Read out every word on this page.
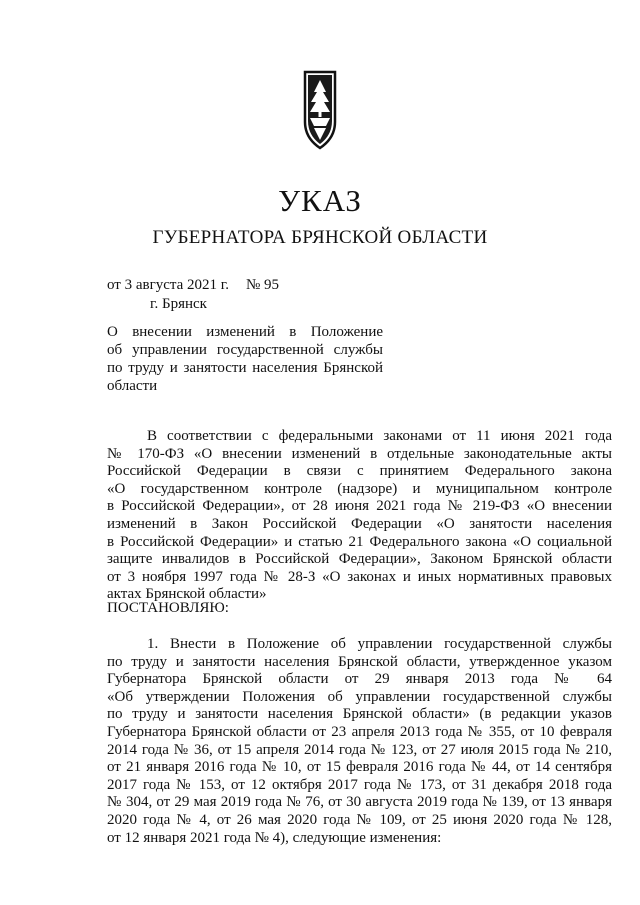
УКАЗ
ГУБЕРНАТОРА БРЯНСКОЙ ОБЛАСТИ
от 3 августа 2021 г. № 95
г. Брянск
О внесении изменений в Положение
об управлении государственной службы
по труду и занятости населения Брянской
области
В соответствии с федеральными законами от 11 июня 2021 года
№ 170-ФЗ «О внесении изменений в отдельные законодательные акты
Российской Федерации в связи с принятием Федерального закона
«О государственном контроле (надзоре) и муниципальном контроле
в Российской Федерации», от 28 июня 2021 года № 219-ФЗ «О внесении
изменений в Закон Российской Федерации «О занятости населения
в Российской Федерации» и статью 21 Федерального закона «О социальной
защите инвалидов в Российской Федерации», Законом Брянской области
от 3 ноября 1997 года № 28-З «О законах и иных нормативных правовых
актах Брянской области»
ПОСТАНОВЛЯЮ:
1. Внести в Положение об управлении государственной службы
по труду и занятости населения Брянской области, утвержденное указом
Губернатора Брянской области от 29 января 2013 года № 64
«Об утверждении Положения об управлении государственной службы
по труду и занятости населения Брянской области» (в редакции указов
Губернатора Брянской области от 23 апреля 2013 года № 355, от 10 февраля
2014 года № 36, от 15 апреля 2014 года № 123, от 27 июля 2015 года № 210,
от 21 января 2016 года № 10, от 15 февраля 2016 года № 44, от 14 сентября
2017 года № 153, от 12 октября 2017 года № 173, от 31 декабря 2018 года
№ 304, от 29 мая 2019 года № 76, от 30 августа 2019 года № 139, от 13 января
2020 года № 4, от 26 мая 2020 года № 109, от 25 июня 2020 года № 128,
от 12 января 2021 года № 4), следующие изменения:
